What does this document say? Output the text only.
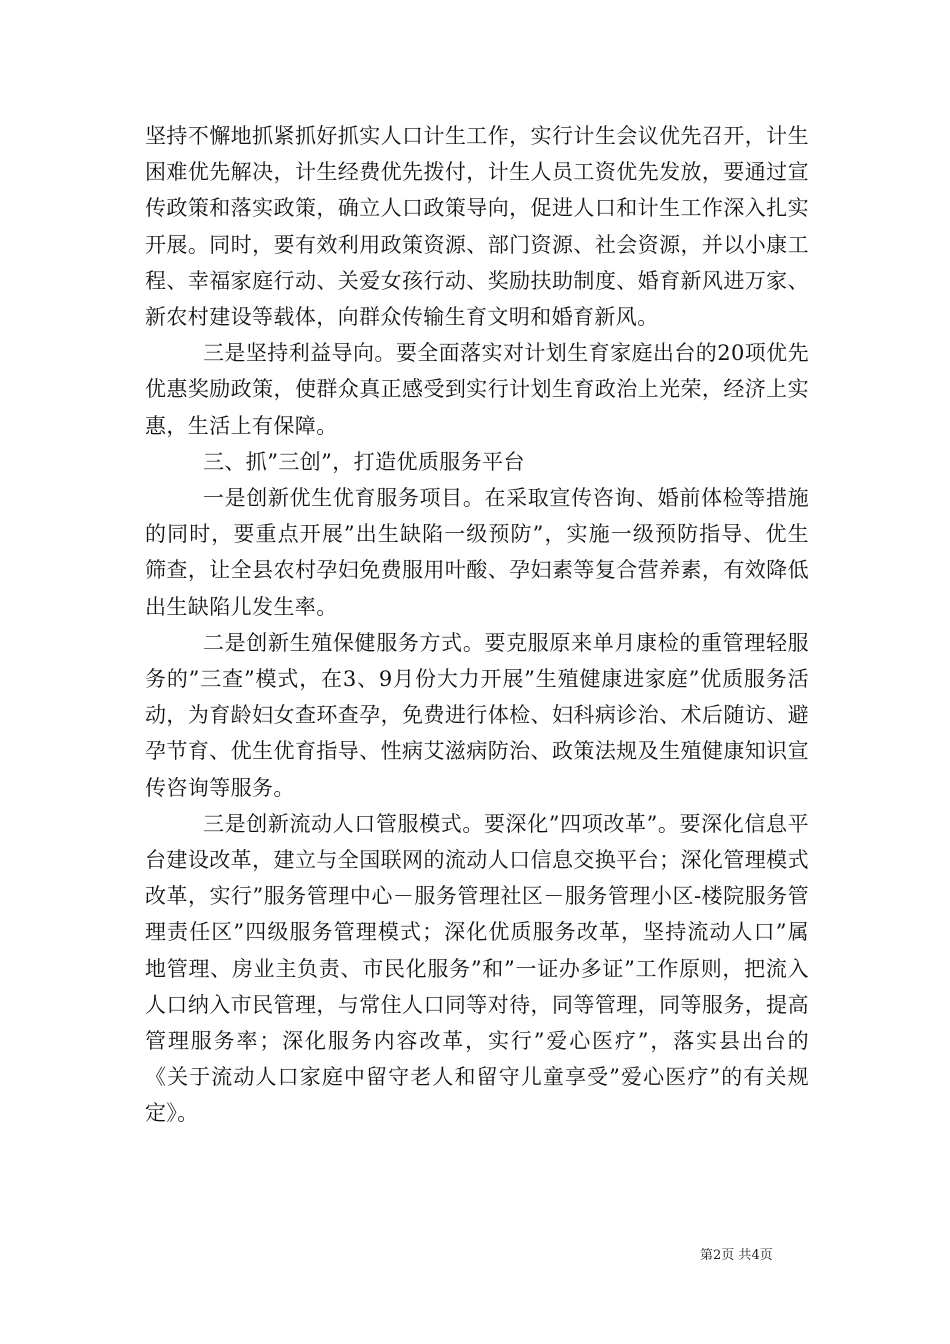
坚持不懈地抓紧抓好抓实人口计生工作，实行计生会议优先召开，计生困难优先解决，计生经费优先拨付，计生人员工资优先发放，要通过宣传政策和落实政策，确立人口政策导向，促进人口和计生工作深入扎实开展。同时，要有效利用政策资源、部门资源、社会资源，并以小康工程、幸福家庭行动、关爱女孩行动、奖励扶助制度、婚育新风进万家、新农村建设等载体，向群众传输生育文明和婚育新风。

三是坚持利益导向。要全面落实对计划生育家庭出台的20项优先优惠奖励政策，使群众真正感受到实行计划生育政治上光荣，经济上实惠，生活上有保障。

三、抓”三创”，打造优质服务平台

一是创新优生优育服务项目。在采取宣传咨询、婚前体检等措施的同时，要重点开展”出生缺陷一级预防”，实施一级预防指导、优生筛查，让全县农村孕妇免费服用叶酸、孕妇素等复合营养素，有效降低出生缺陷儿发生率。

二是创新生殖保健服务方式。要克服原来单月康检的重管理轻服务的”三查”模式，在3、9月份大力开展”生殖健康进家庭”优质服务活动，为育龄妇女查环查孕，免费进行体检、妇科病诊治、术后随访、避孕节育、优生优育指导、性病艾滋病防治、政策法规及生殖健康知识宣传咨询等服务。

三是创新流动人口管服模式。要深化”四项改革”。要深化信息平台建设改革，建立与全国联网的流动人口信息交换平台；深化管理模式改革，实行”服务管理中心－服务管理社区－服务管理小区-楼院服务管理责任区”四级服务管理模式；深化优质服务改革，坚持流动人口”属地管理、房业主负责、市民化服务”和”一证办多证”工作原则，把流入人口纳入市民管理，与常住人口同等对待，同等管理，同等服务，提高管理服务率；深化服务内容改革，实行”爱心医疗”，落实县出台的《关于流动人口家庭中留守老人和留守儿童享受”爱心医疗”的有关规定》。

第2页 共4页
